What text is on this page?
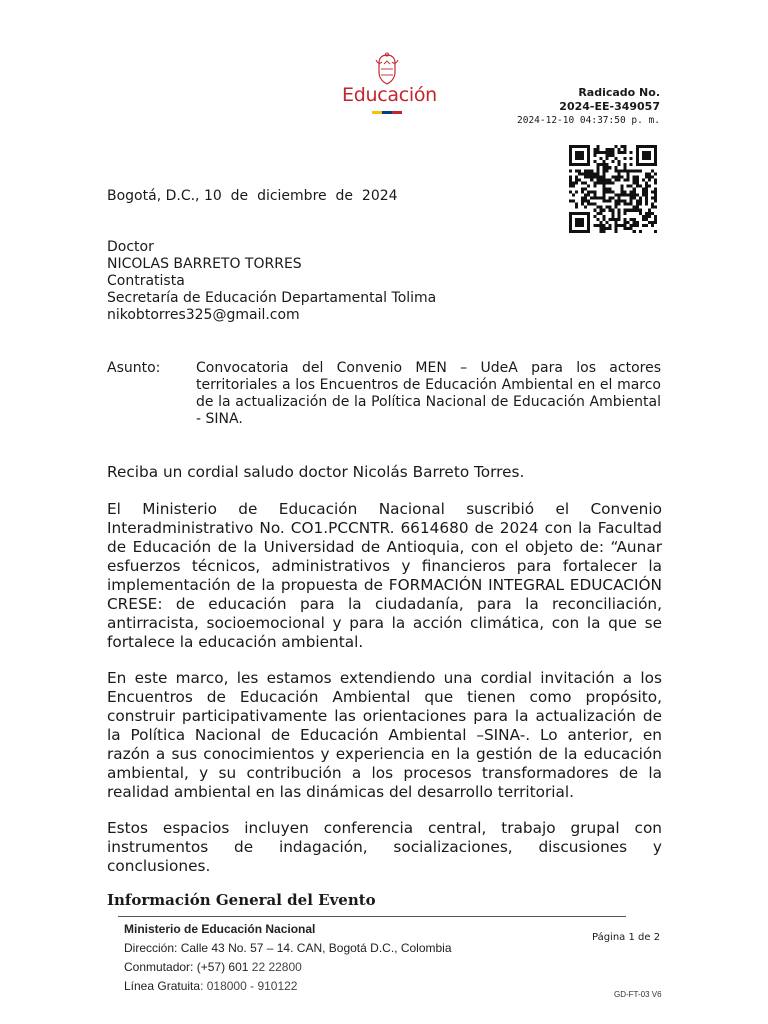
Educación	Radicado No.
2024-EE-349057
2024-12-10 04:37:50 p. m.
Bogotá, D.C., 10  de  diciembre  de  2024
Doctor
NICOLAS BARRETO TORRES
Contratista
Secretaría de Educación Departamental Tolima
nikobtorres325@gmail.com
Asunto:	Convocatoria del Convenio MEN – UdeA para los actores territoriales a los Encuentros de Educación Ambiental en el marco de la actualización de la Política Nacional de Educación Ambiental - SINA.
Reciba un cordial saludo doctor Nicolás Barreto Torres.
El Ministerio de Educación Nacional suscribió el Convenio Interadministrativo No. CO1.PCCNTR. 6614680 de 2024 con la Facultad de Educación de la Universidad de Antioquia, con el objeto de: “Aunar esfuerzos técnicos, administrativos y financieros para fortalecer la implementación de la propuesta de FORMACIÓN INTEGRAL EDUCACIÓN CRESE: de educación para la ciudadanía, para la reconciliación, antirracista, socioemocional y para la acción climática, con la que se fortalece la educación ambiental.
En este marco, les estamos extendiendo una cordial invitación a los Encuentros de Educación Ambiental que tienen como propósito, construir participativamente las orientaciones para la actualización de la Política Nacional de Educación Ambiental –SINA-. Lo anterior, en razón a sus conocimientos y experiencia en la gestión de la educación ambiental, y su contribución a los procesos transformadores de la realidad ambiental en las dinámicas del desarrollo territorial.
Estos espacios incluyen conferencia central, trabajo grupal con instrumentos de indagación, socializaciones, discusiones y conclusiones.
Información General del Evento
Ministerio de Educación Nacional
Dirección: Calle 43 No. 57 – 14. CAN, Bogotá D.C., Colombia
Conmutador: (+57) 601 22 22800
Línea Gratuita: 018000 - 910122
Página 1 de 2
GD-FT-03 V6
